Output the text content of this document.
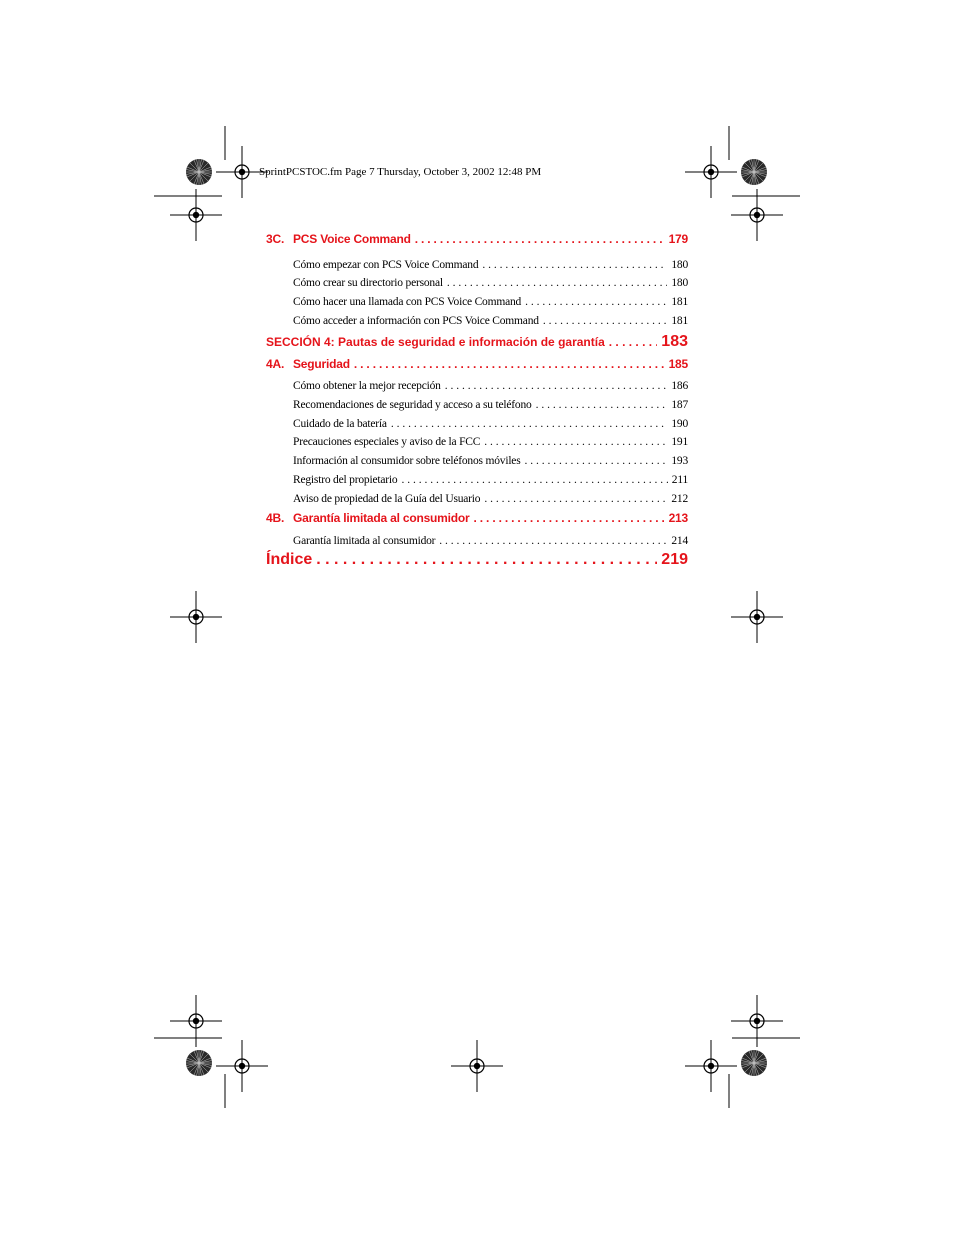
SprintPCSTOC.fm Page 7 Thursday, October 3, 2002 12:48 PM
3C. PCS Voice Command . . .	179
Cómo empezar con PCS Voice Command . . .	180
Cómo crear su directorio personal . . .	180
Cómo hacer una llamada con PCS Voice Command . . .	181
Cómo acceder a información con PCS Voice Command . . .	181
SECCIÓN 4: Pautas de seguridad e información de garantía . . .	183
4A. Seguridad . . .	185
Cómo obtener la mejor recepción . . .	186
Recomendaciones de seguridad y acceso a su teléfono . . .	187
Cuidado de la batería . . .	190
Precauciones especiales y aviso de la FCC . . .	191
Información al consumidor sobre teléfonos móviles . . .	193
Registro del propietario . . .	211
Aviso de propiedad de la Guía del Usuario . . .	212
4B. Garantía limitada al consumidor . . .	213
Garantía limitada al consumidor . . .	214
Índice . . .	219
